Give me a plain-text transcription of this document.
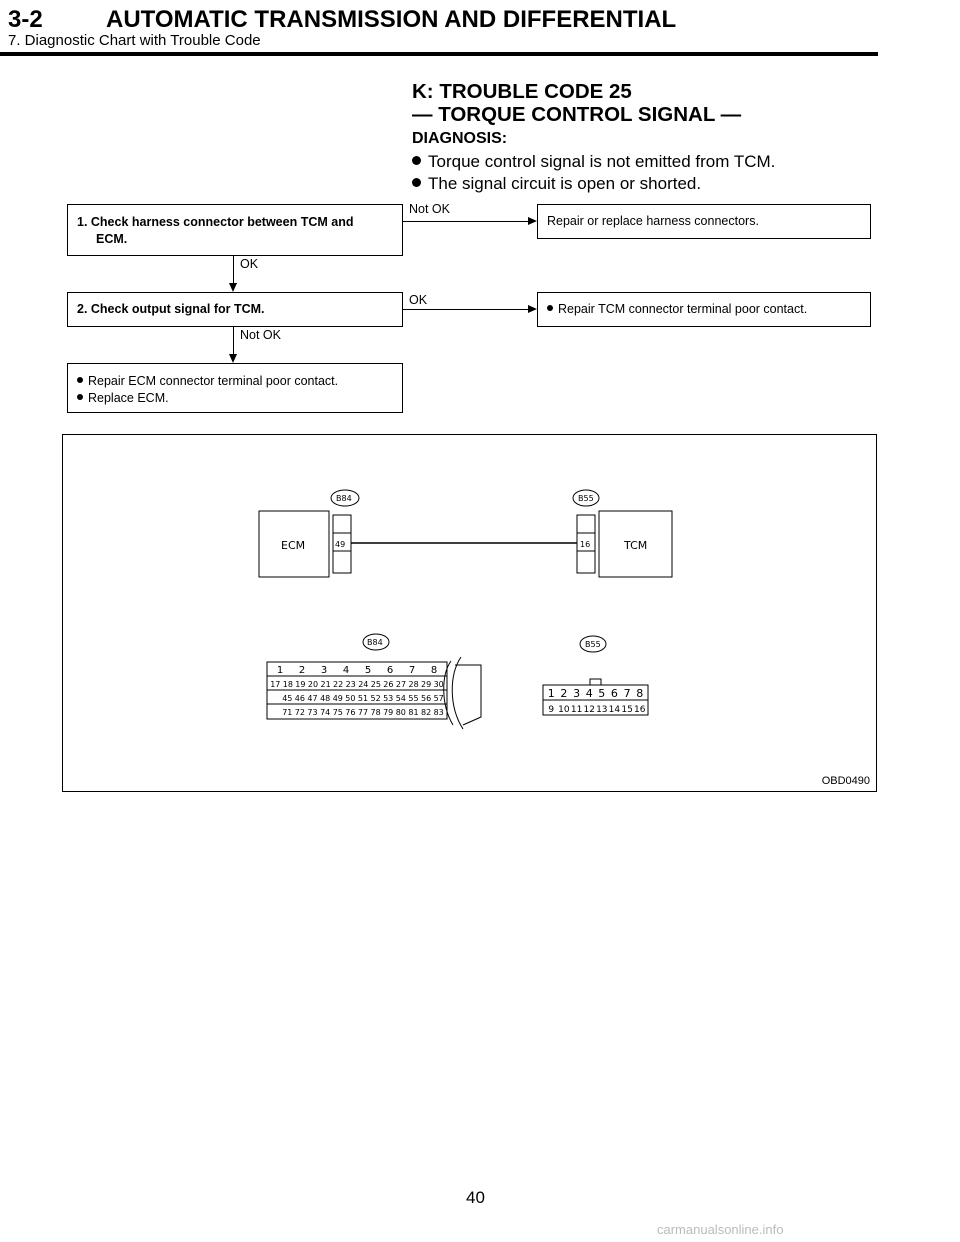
3-2	AUTOMATIC TRANSMISSION AND DIFFERENTIAL
7. Diagnostic Chart with Trouble Code
K: TROUBLE CODE 25
— TORQUE CONTROL SIGNAL —
DIAGNOSIS:
Torque control signal is not emitted from TCM.
The signal circuit is open or shorted.
1. Check harness connector between TCM and
ECM.
Not OK
Repair or replace harness connectors.
OK
2. Check output signal for TCM.
OK
Repair TCM connector terminal poor contact.
Not OK
Repair ECM connector terminal poor contact.
Replace ECM.
ECM	TCM
49	16
B84	B55
B84	B55
1 2 3 4 5 6 7 8
17 18 19 20 21 22 23 24 25 26 27 28 29 30
45 46 47 48 49 50 51 52 53 54 55 56 57
71 72 73 74 75 76 77 78 79 80 81 82 83
1 2 3 4 5 6 7 8
9 10 11 12 13 14 15 16
OBD0490
40
carmanualsonline.info
